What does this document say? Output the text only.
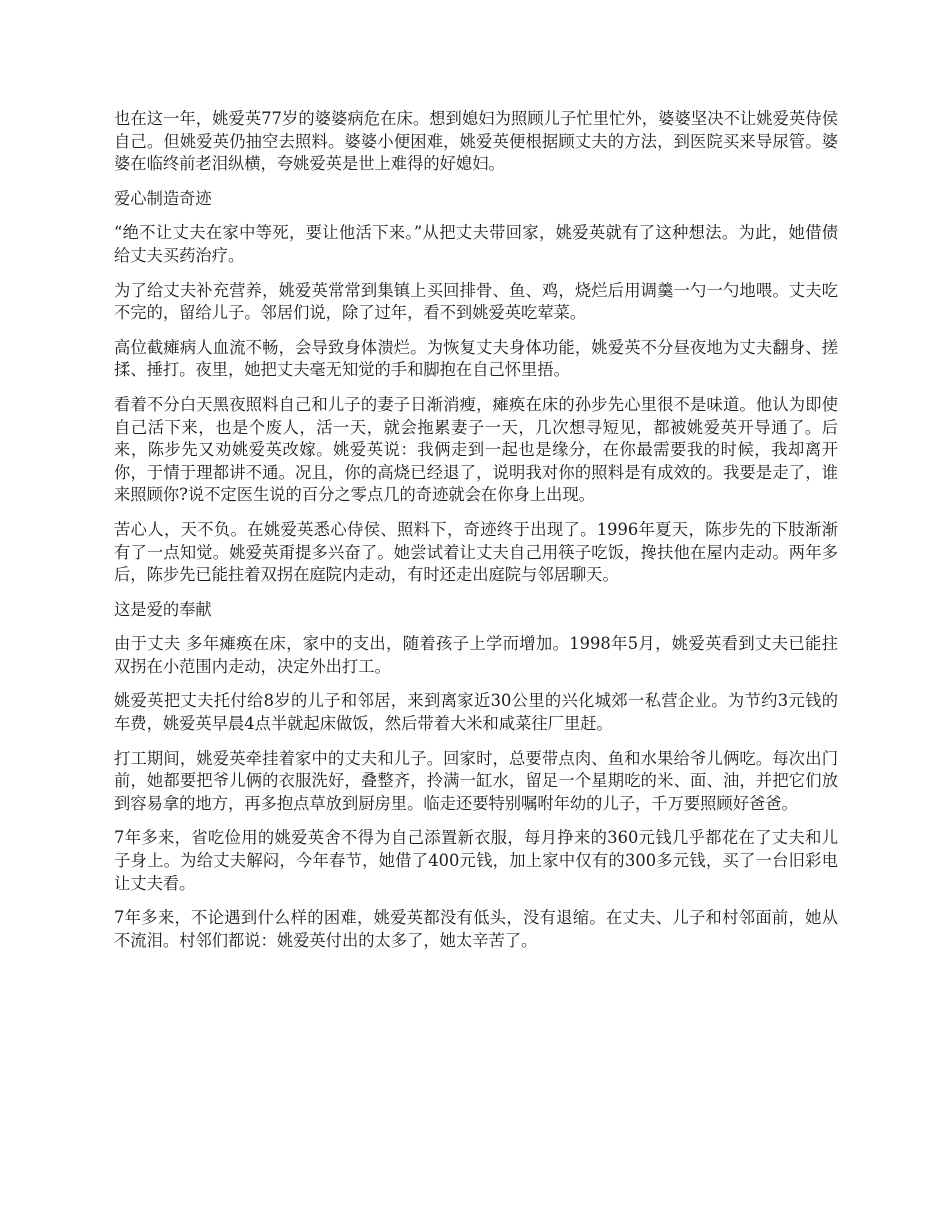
也在这一年，姚爱英77岁的婆婆病危在床。想到媳妇为照顾儿子忙里忙外，婆婆坚决不让姚爱英侍侯自己。但姚爱英仍抽空去照料。婆婆小便困难，姚爱英便根据顾丈夫的方法，到医院买来导尿管。婆婆在临终前老泪纵横，夸姚爱英是世上难得的好媳妇。

爱心制造奇迹

“绝不让丈夫在家中等死，要让他活下来。”从把丈夫带回家，姚爱英就有了这种想法。为此，她借债给丈夫买药治疗。

为了给丈夫补充营养，姚爱英常常到集镇上买回排骨、鱼、鸡，烧烂后用调羹一勺一勺地喂。丈夫吃不完的，留给儿子。邻居们说，除了过年，看不到姚爱英吃荤菜。

高位截瘫病人血流不畅，会导致身体溃烂。为恢复丈夫身体功能，姚爱英不分昼夜地为丈夫翻身、搓揉、捶打。夜里，她把丈夫毫无知觉的手和脚抱在自己怀里捂。

看着不分白天黑夜照料自己和儿子的妻子日渐消瘦，瘫痪在床的孙步先心里很不是味道。他认为即使自己活下来，也是个废人，活一天，就会拖累妻子一天，几次想寻短见，都被姚爱英开导通了。后来，陈步先又劝姚爱英改嫁。姚爱英说：我俩走到一起也是缘分，在你最需要我的时候，我却离开你，于情于理都讲不通。况且，你的高烧已经退了，说明我对你的照料是有成效的。我要是走了，谁来照顾你?说不定医生说的百分之零点几的奇迹就会在你身上出现。

苦心人，天不负。在姚爱英悉心侍侯、照料下，奇迹终于出现了。1996年夏天，陈步先的下肢渐渐有了一点知觉。姚爱英甭提多兴奋了。她尝试着让丈夫自己用筷子吃饭，搀扶他在屋内走动。两年多后，陈步先已能拄着双拐在庭院内走动，有时还走出庭院与邻居聊天。

这是爱的奉献

由于丈夫 多年瘫痪在床，家中的支出，随着孩子上学而增加。1998年5月，姚爱英看到丈夫已能拄双拐在小范围内走动，决定外出打工。

姚爱英把丈夫托付给8岁的儿子和邻居，来到离家近30公里的兴化城郊一私营企业。为节约3元钱的车费，姚爱英早晨4点半就起床做饭，然后带着大米和咸菜往厂里赶。

打工期间，姚爱英牵挂着家中的丈夫和儿子。回家时，总要带点肉、鱼和水果给爷儿俩吃。每次出门前，她都要把爷儿俩的衣服洗好，叠整齐，拎满一缸水，留足一个星期吃的米、面、油，并把它们放到容易拿的地方，再多抱点草放到厨房里。临走还要特别嘱咐年幼的儿子，千万要照顾好爸爸。

7年多来，省吃俭用的姚爱英舍不得为自己添置新衣服，每月挣来的360元钱几乎都花在了丈夫和儿子身上。为给丈夫解闷，今年春节，她借了400元钱，加上家中仅有的300多元钱，买了一台旧彩电让丈夫看。

7年多来，不论遇到什么样的困难，姚爱英都没有低头，没有退缩。在丈夫、儿子和村邻面前，她从不流泪。村邻们都说：姚爱英付出的太多了，她太辛苦了。
